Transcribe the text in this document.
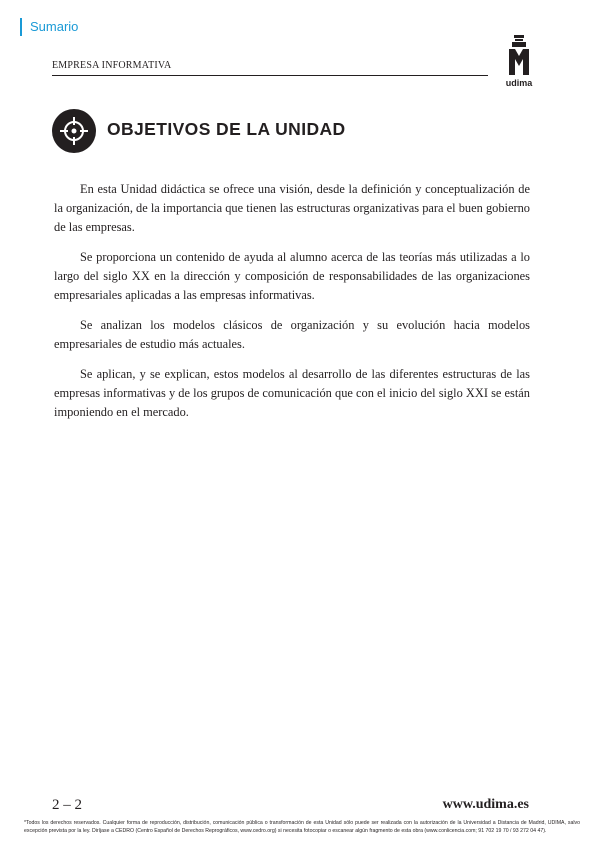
Sumario
EMPRESA INFORMATIVA
udima
OBJETIVOS DE LA UNIDAD

En esta Unidad didáctica se ofrece una visión, desde la definición y conceptualización de la organización, de la importancia que tienen las estructuras organizativas para el buen gobierno de las empresas.

Se proporciona un contenido de ayuda al alumno acerca de las teorías más utilizadas a lo largo del siglo XX en la dirección y composición de responsabilidades de las organizaciones empresariales aplicadas a las empresas informativas.

Se analizan los modelos clásicos de organización y su evolución hacia modelos empresariales de estudio más actuales.

Se aplican, y se explican, estos modelos al desarrollo de las diferentes estructuras de las empresas informativas y de los grupos de comunicación que con el inicio del siglo XXI se están imponiendo en el mercado.

2 – 2	www.udima.es
*Todos los derechos reservados. Cualquier forma de reproducción, distribución, comunicación pública o transformación de esta Unidad sólo puede ser realizada con la autorización de la Universidad a Distancia de Madrid, UDIMA, salvo excepción prevista por la ley. Diríjase a CEDRO (Centro Español de Derechos Reprográficos, www.cedro.org) si necesita fotocopiar o escanear algún fragmento de esta obra (www.conlicencia.com; 91 702 19 70 / 93 272 04 47).
